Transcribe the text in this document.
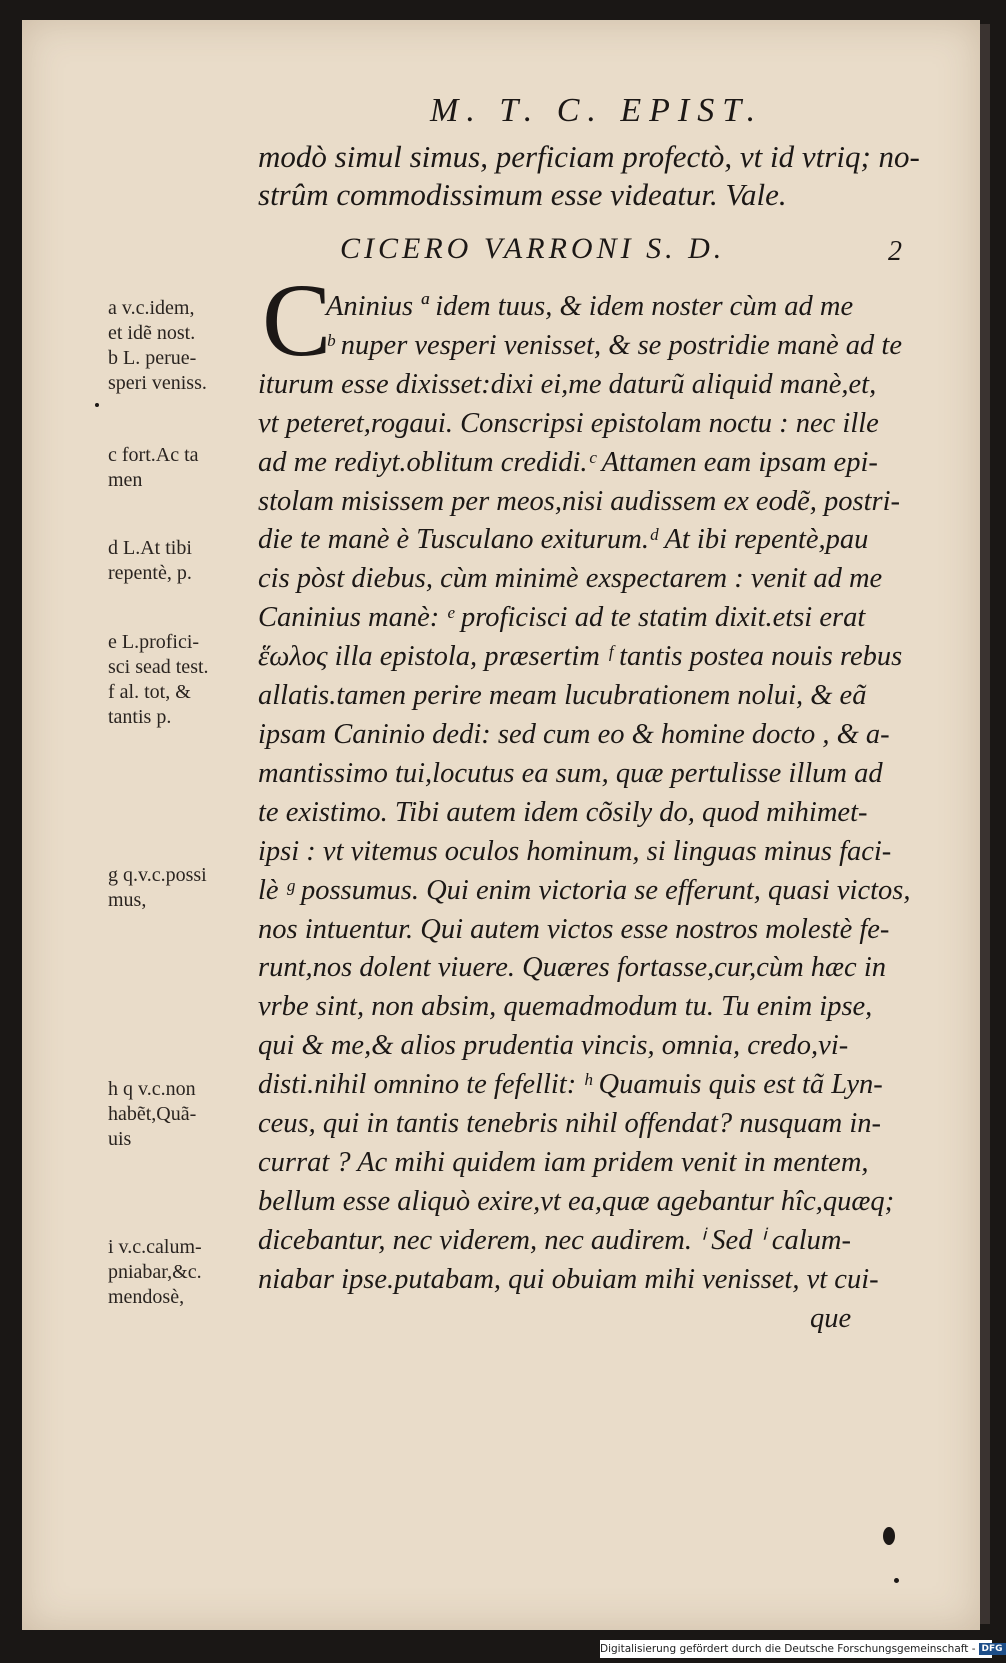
M. T. C. EPIST.
modò simul simus, perficiam profectò, vt id vtriq; no-
strûm commodissimum esse videatur. Vale.
CICERO VARRONI S. D.	2
C
Aninius ª idem tuus, & idem noster cùm ad me
ᵇ nuper vesperi venisset, & se postridie manè ad te
iturum esse dixisset:dixi ei,me daturũ aliquid manè,et,
vt peteret,rogaui. Conscripsi epistolam noctu : nec ille
ad me rediyt.oblitum credidi.ᶜ Attamen eam ipsam epi-
stolam misissem per meos,nisi audissem ex eodẽ, postri-
die te manè è Tusculano exiturum.ᵈ At ibi repentè,pau
cis pòst diebus, cùm minimè exspectarem : venit ad me
Caninius manè: ᵉ proficisci ad te statim dixit.etsi erat
ἕωλος illa epistola, præsertim ᶠ tantis postea nouis rebus
allatis.tamen perire meam lucubrationem nolui, & eã
ipsam Caninio dedi: sed cum eo & homine docto , & a-
mantissimo tui,locutus ea sum, quæ pertulisse illum ad
te existimo. Tibi autem idem cõsily do, quod mihimet-
ipsi : vt vitemus oculos hominum, si linguas minus faci-
lè ᵍ possumus. Qui enim victoria se efferunt, quasi victos,
nos intuentur. Qui autem victos esse nostros molestè fe-
runt,nos dolent viuere. Quæres fortasse,cur,cùm hæc in
vrbe sint, non absim, quemadmodum tu. Tu enim ipse,
qui & me,& alios prudentia vincis, omnia, credo,vi-
disti.nihil omnino te fefellit: ʰ Quamuis quis est tã Lyn-
ceus, qui in tantis tenebris nihil offendat? nusquam in-
currat ? Ac mihi quidem iam pridem venit in mentem,
bellum esse aliquò exire,vt ea,quæ agebantur hîc,quæq;
dicebantur, nec viderem, nec audirem. ⁱ Sed ⁱ calum-
niabar ipse.putabam, qui obuiam mihi venisset, vt cui-
que
a v.c.idem,
et idẽ nost.
b L. perue-
speri veniss.
c fort.Ac ta
men
d L.At tibi
repentè, p.
e L.profici-
sci sead test.
f al. tot, &
tantis p.
g q.v.c.possi
mus,
h q v.c.non
habẽt,Quã-
uis
i v.c.calum-
pniabar,&c.
mendosè,
Digitalisierung gefördert durch die Deutsche Forschungsgemeinschaft - DFG
